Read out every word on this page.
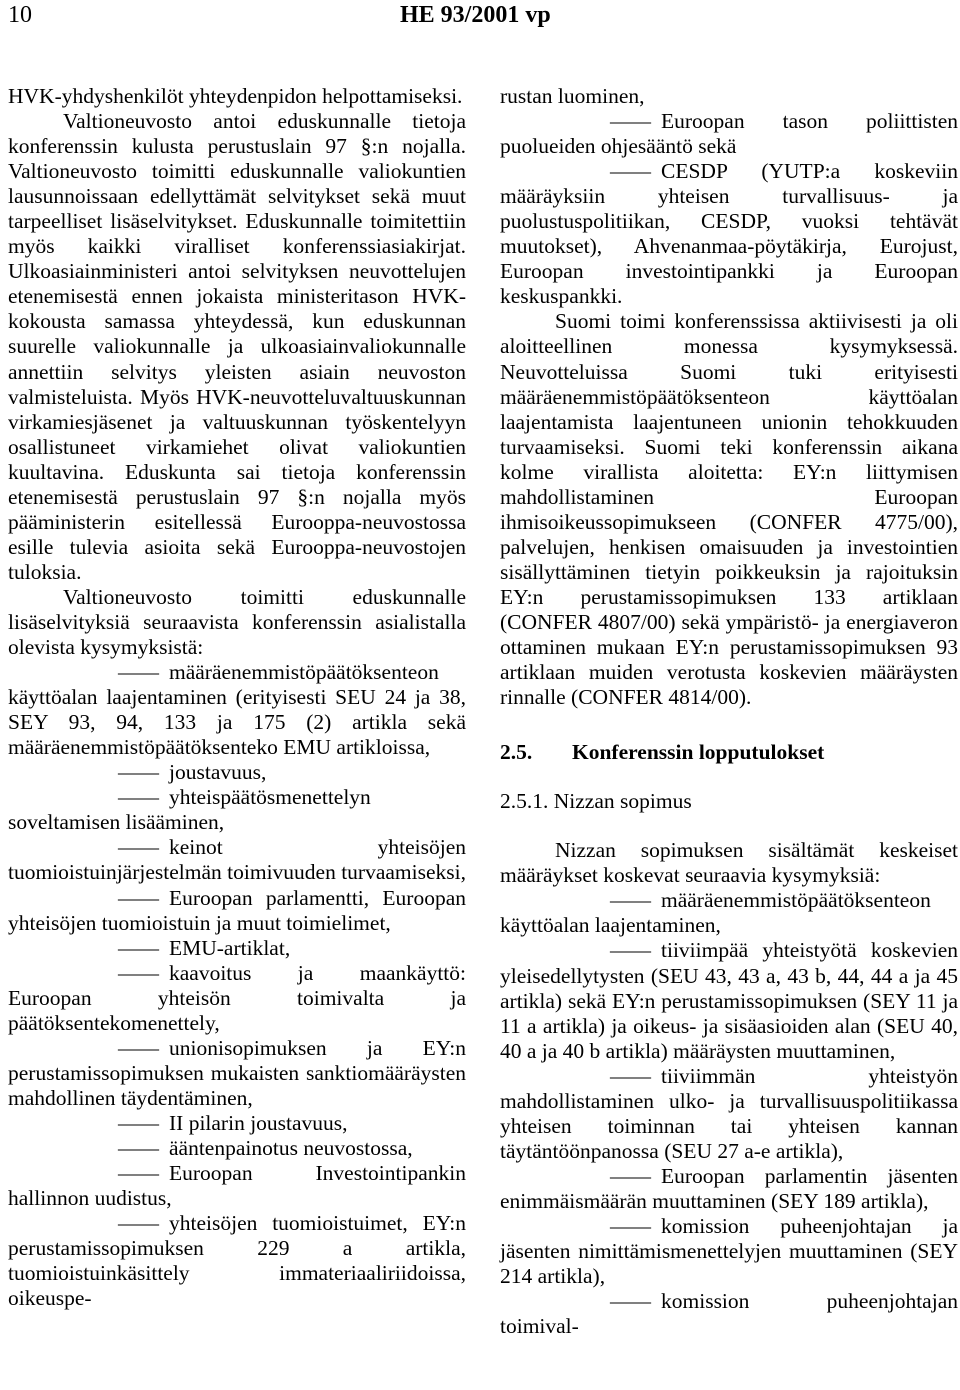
10	HE 93/2001 vp

HVK-yhdyshenkilöt yhteydenpidon helpottamiseksi.

Valtioneuvosto antoi eduskunnalle tietoja konferenssin kulusta perustuslain 97 §:n nojalla. Valtioneuvosto toimitti eduskunnalle valiokuntien lausunnoissaan edellyttämät selvitykset sekä muut tarpeelliset lisäselvitykset. Eduskunnalle toimitettiin myös kaikki viralliset konferenssiasiakirjat. Ulkoasiainministeri antoi selvityksen neuvottelujen etenemisestä ennen jokaista ministeritason HVK-kokousta samassa yhteydessä, kun eduskunnan suurelle valiokunnalle ja ulkoasiainvaliokunnalle annettiin selvitys yleisten asiain neuvoston valmisteluista. Myös HVK-neuvotteluvaltuuskunnan virkamiesjäsenet ja valtuuskunnan työskentelyyn osallistuneet virkamiehet olivat valiokuntien kuultavina. Eduskunta sai tietoja konferenssin etenemisestä perustuslain 97 §:n nojalla myös pääministerin esitellessä Eurooppa-neuvostossa esille tulevia asioita sekä Eurooppa-neuvostojen tuloksia.

Valtioneuvosto toimitti eduskunnalle lisäselvityksiä seuraavista konferenssin asialistalla olevista kysymyksistä:

—— määräenemmistöpäätöksenteon käyttöalan laajentaminen (erityisesti SEU 24 ja 38, SEY 93, 94, 133 ja 175 (2) artikla sekä määräenemmistöpäätöksenteko EMU artikloissa,

—— joustavuus,

—— yhteispäätösmenettelyn soveltamisen lisääminen,

—— keinot yhteisöjen tuomioistuinjärjestelmän toimivuuden turvaamiseksi,

—— Euroopan parlamentti, Euroopan yhteisöjen tuomioistuin ja muut toimielimet,

—— EMU-artiklat,

—— kaavoitus ja maankäyttö: Euroopan yhteisön toimivalta ja päätöksentekomenettely,

—— unionisopimuksen ja EY:n perustamissopimuksen mukaisten sanktiomääräysten mahdollinen täydentäminen,

—— II pilarin joustavuus,

—— ääntenpainotus neuvostossa,

—— Euroopan Investointipankin hallinnon uudistus,

—— yhteisöjen tuomioistuimet, EY:n perustamissopimuksen 229 a artikla, tuomioistuinkäsittely immateriaaliriidoissa, oikeuspe-

rustan luominen,

—— Euroopan tason poliittisten puolueiden ohjesääntö sekä

—— CESDP (YUTP:a koskeviin määräyksiin yhteisen turvallisuus- ja puolustuspolitiikan, CESDP, vuoksi tehtävät muutokset), Ahvenanmaa-pöytäkirja, Eurojust, Euroopan investointipankki ja Euroopan keskuspankki.

Suomi toimi konferenssissa aktiivisesti ja oli aloitteellinen monessa kysymyksessä. Neuvotteluissa Suomi tuki erityisesti määräenemmistöpäätöksenteon käyttöalan laajentamista laajentuneen unionin tehokkuuden turvaamiseksi. Suomi teki konferenssin aikana kolme virallista aloitetta: EY:n liittymisen mahdollistaminen Euroopan ihmisoikeussopimukseen (CONFER 4775/00), palvelujen, henkisen omaisuuden ja investointien sisällyttäminen tietyin poikkeuksin ja rajoituksin EY:n perustamissopimuksen 133 artiklaan (CONFER 4807/00) sekä ympäristö- ja energiaveron ottaminen mukaan EY:n perustamissopimuksen 93 artiklaan muiden verotusta koskevien määräysten rinnalle (CONFER 4814/00).

2.5. Konferenssin lopputulokset

2.5.1. Nizzan sopimus

Nizzan sopimuksen sisältämät keskeiset määräykset koskevat seuraavia kysymyksiä:

—— määräenemmistöpäätöksenteon käyttöalan laajentaminen,

—— tiiviimpää yhteistyötä koskevien yleisedellytysten (SEU 43, 43 a, 43 b, 44, 44 a ja 45 artikla) sekä EY:n perustamissopimuksen (SEY 11 ja 11 a artikla) ja oikeus- ja sisäasioiden alan (SEU 40, 40 a ja 40 b artikla) määräysten muuttaminen,

—— tiiviimmän yhteistyön mahdollistaminen ulko- ja turvallisuuspolitiikassa yhteisen toiminnan tai yhteisen kannan täytäntöönpanossa (SEU 27 a-e artikla),

—— Euroopan parlamentin jäsenten enimmäismäärän muuttaminen (SEY 189 artikla),

—— komission puheenjohtajan ja jäsenten nimittämismenettelyjen muuttaminen (SEY 214 artikla),

—— komission puheenjohtajan toimival-
